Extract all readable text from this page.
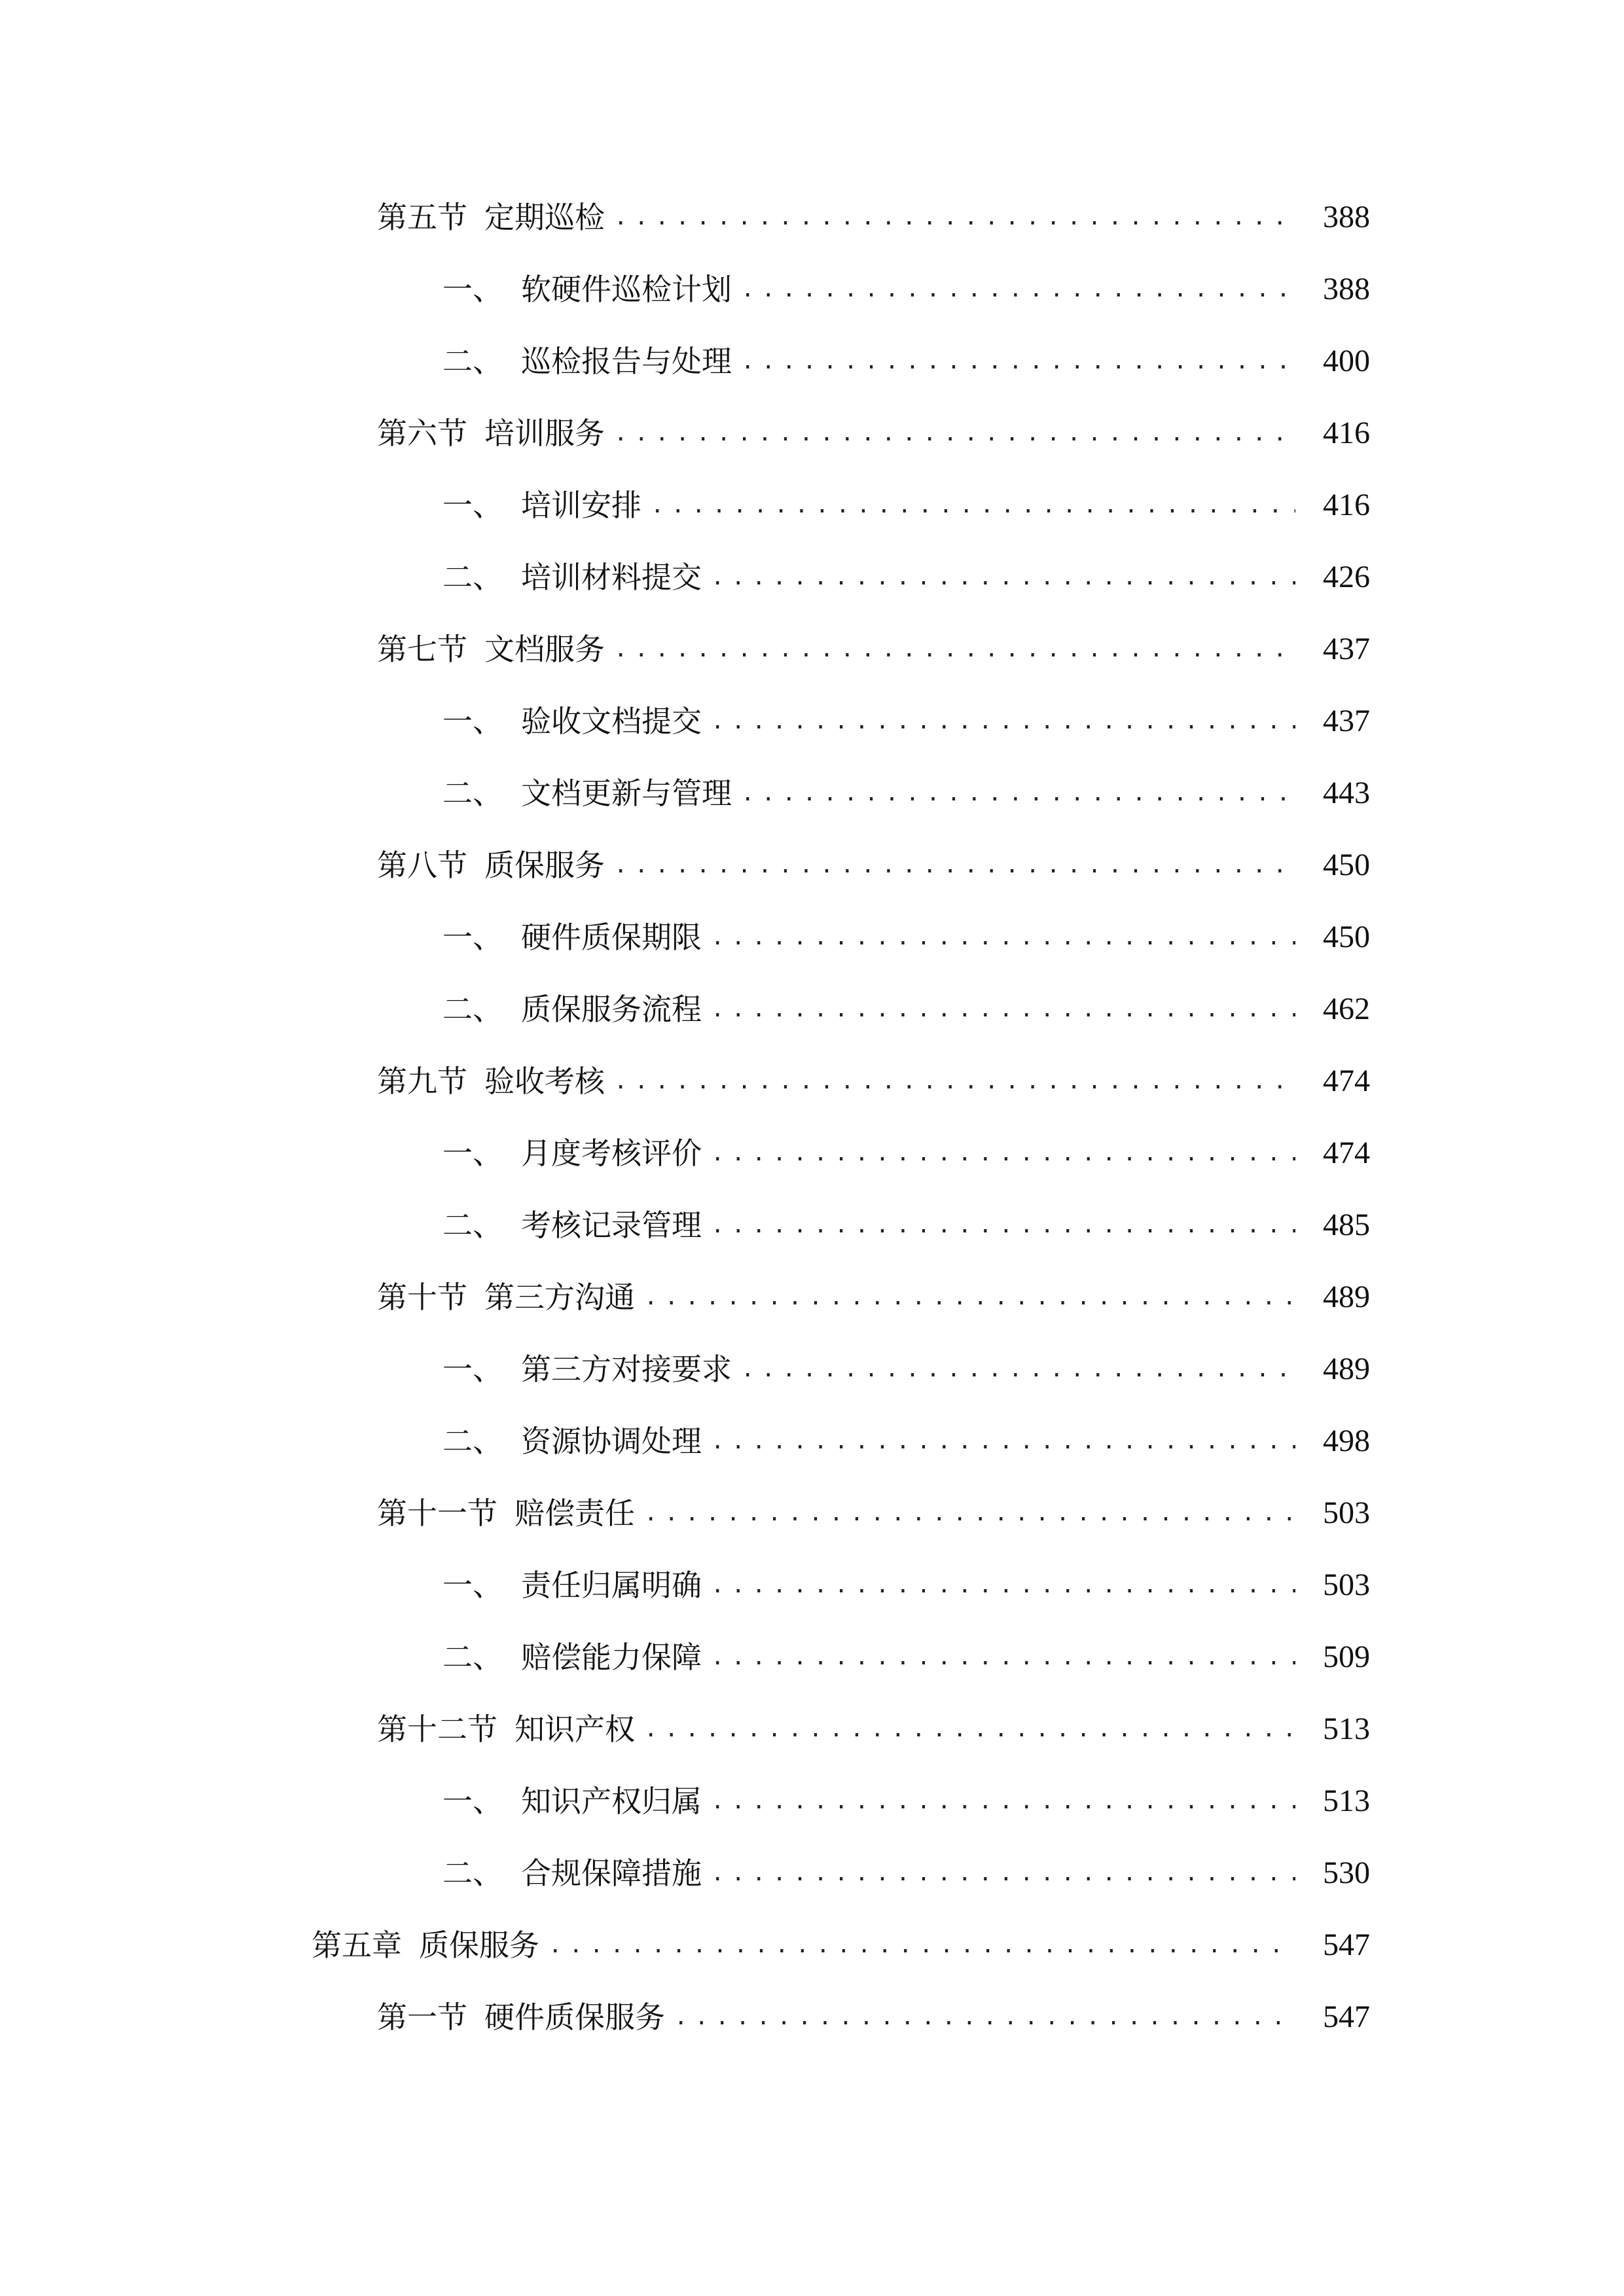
第五节 定期巡检 .....	388
一、 软硬件巡检计划 .....	388
二、 巡检报告与处理 .....	400
第六节 培训服务 .....	416
一、 培训安排 .....	416
二、 培训材料提交 .....	426
第七节 文档服务 .....	437
一、 验收文档提交 .....	437
二、 文档更新与管理 .....	443
第八节 质保服务 .....	450
一、 硬件质保期限 .....	450
二、 质保服务流程 .....	462
第九节 验收考核 .....	474
一、 月度考核评价 .....	474
二、 考核记录管理 .....	485
第十节 第三方沟通 .....	489
一、 第三方对接要求 .....	489
二、 资源协调处理 .....	498
第十一节 赔偿责任 .....	503
一、 责任归属明确 .....	503
二、 赔偿能力保障 .....	509
第十二节 知识产权 .....	513
一、 知识产权归属 .....	513
二、 合规保障措施 .....	530
第五章 质保服务 .....	547
第一节 硬件质保服务 .....	547
